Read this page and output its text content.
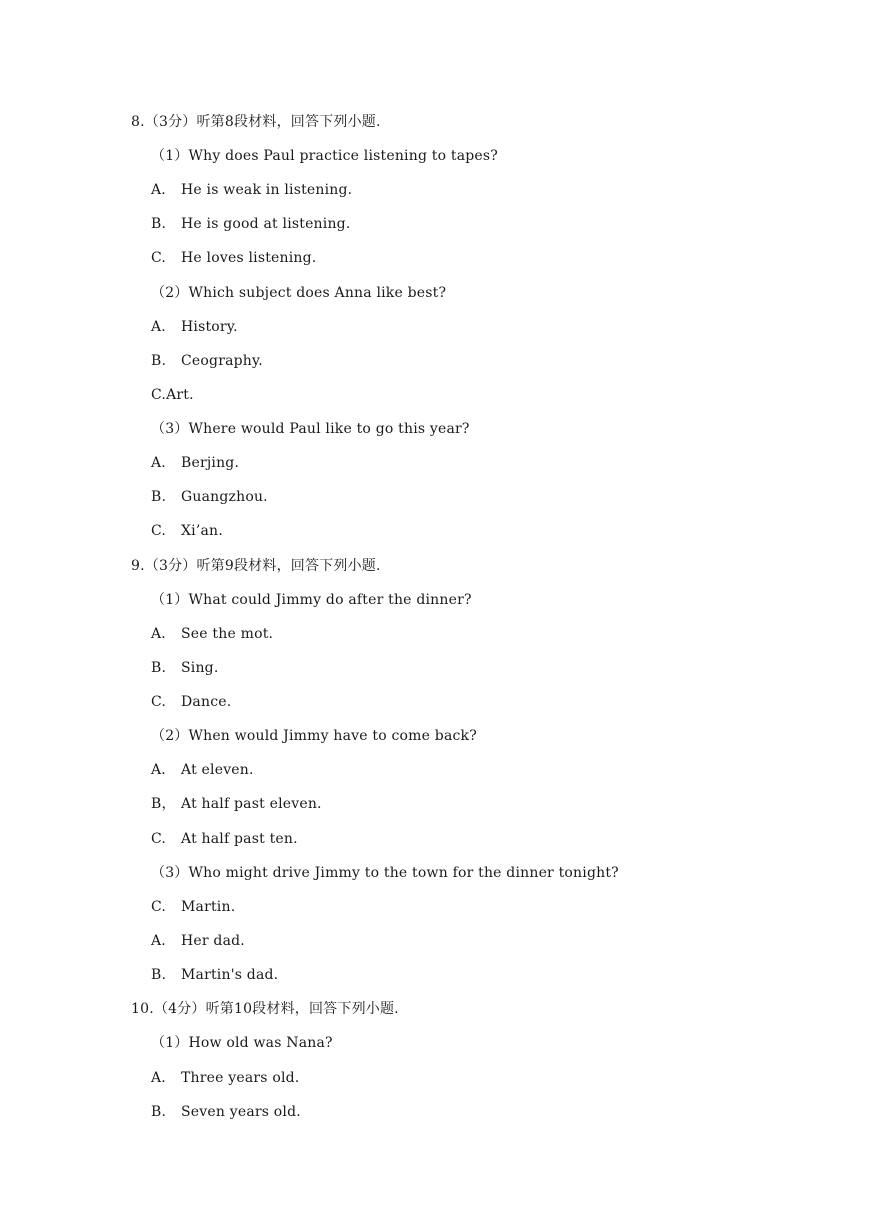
8.（3分）听第8段材料，回答下列小题.
（1）Why does Paul practice listening to tapes?
A. He is weak in listening.
B. He is good at listening.
C. He loves listening.
（2）Which subject does Anna like best?
A. History.
B. Ceography.
C.Art.
（3）Where would Paul like to go this year?
A. Berjing.
B. Guangzhou.
C. Xi’an.
9.（3分）听第9段材料，回答下列小题.
（1）What could Jimmy do after the dinner?
A. See the mot.
B. Sing.
C. Dance.
（2）When would Jimmy have to come back?
A. At eleven.
B， At half past eleven.
C. At half past ten.
（3）Who might drive Jimmy to the town for the dinner tonight?
C. Martin.
A. Her dad.
B. Martin's dad.
10.（4分）听第10段材料，回答下列小题.
（1）How old was Nana?
A. Three years old.
B. Seven years old.
